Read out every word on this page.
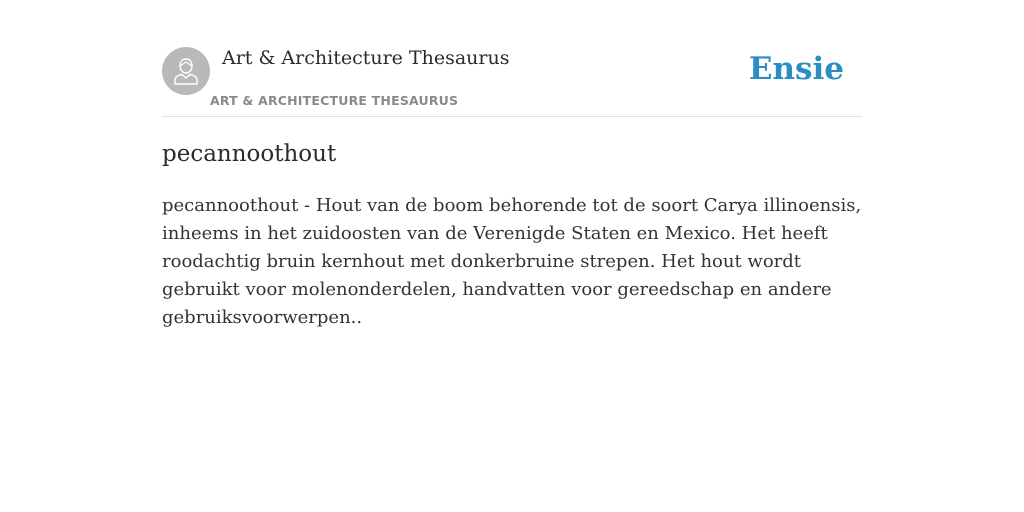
Art & Architecture Thesaurus
ART & ARCHITECTURE THESAURUS
Ensie
pecannoothout

pecannoothout - Hout van de boom behorende tot de soort Carya illinoensis, inheems in het zuidoosten van de Verenigde Staten en Mexico. Het heeft roodachtig bruin kernhout met donkerbruine strepen. Het hout wordt gebruikt voor molenonderdelen, handvatten voor gereedschap en andere gebruiksvoorwerpen..
